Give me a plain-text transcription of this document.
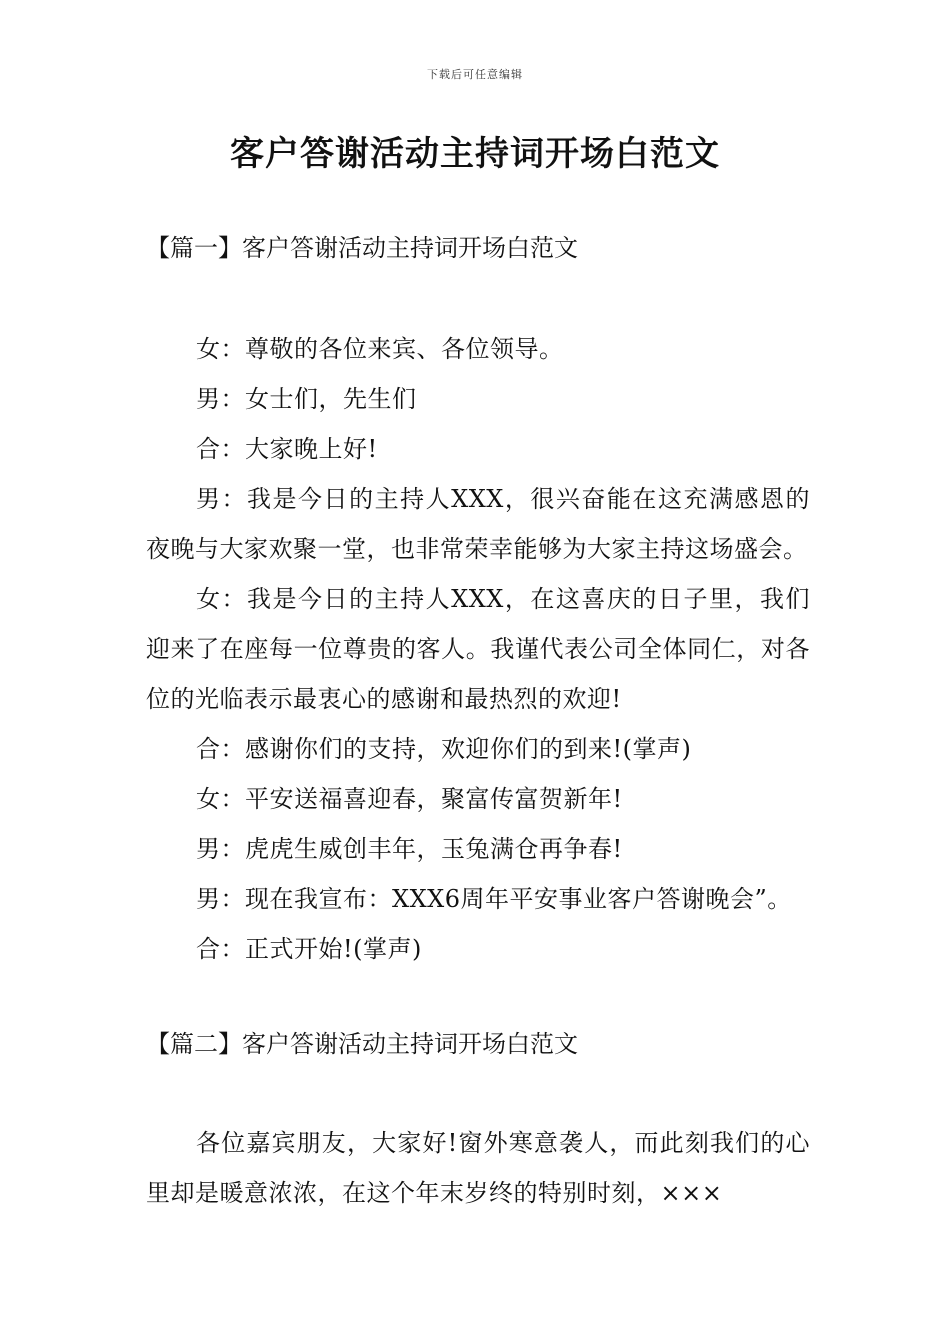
下载后可任意编辑
客户答谢活动主持词开场白范文
【篇一】客户答谢活动主持词开场白范文

女：尊敬的各位来宾、各位领导。

男：女士们，先生们

合：大家晚上好!

男：我是今日的主持人XXX，很兴奋能在这充满感恩的夜晚与大家欢聚一堂，也非常荣幸能够为大家主持这场盛会。

女：我是今日的主持人XXX，在这喜庆的日子里，我们迎来了在座每一位尊贵的客人。我谨代表公司全体同仁，对各位的光临表示最衷心的感谢和最热烈的欢迎!

合：感谢你们的支持，欢迎你们的到来!(掌声)

女：平安送福喜迎春，聚富传富贺新年!

男：虎虎生威创丰年，玉兔满仓再争春!

男：现在我宣布：XXX6周年平安事业客户答谢晚会”。

合：正式开始!(掌声)

【篇二】客户答谢活动主持词开场白范文

各位嘉宾朋友，大家好!窗外寒意袭人，而此刻我们的心里却是暖意浓浓，在这个年末岁终的特别时刻，×××
